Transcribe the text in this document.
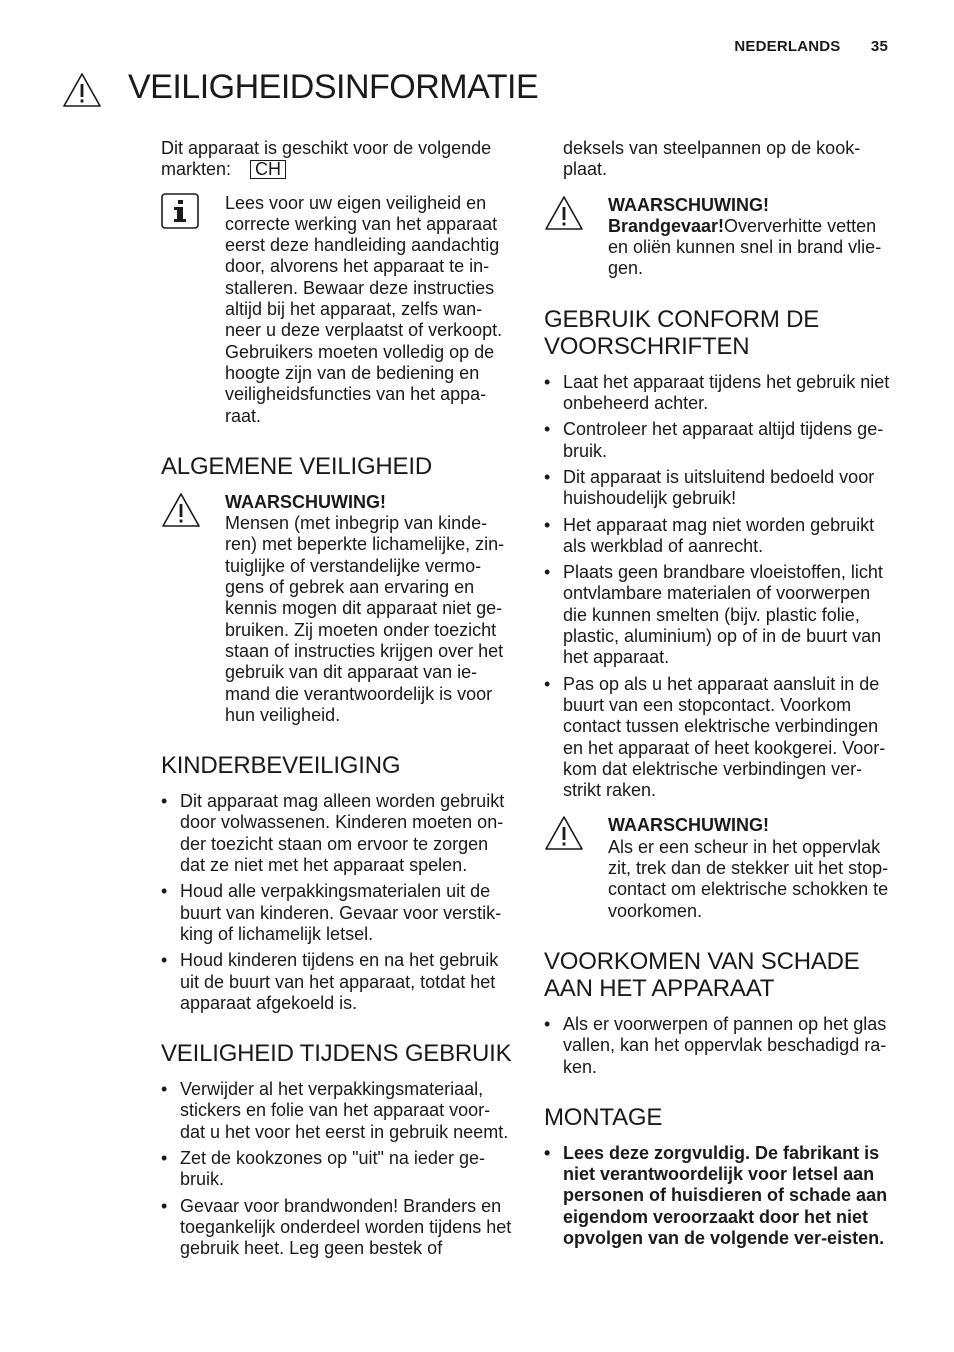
NEDERLANDS 35
VEILIGHEIDSINFORMATIE

Dit apparaat is geschikt voor de volgende markten: CH

Lees voor uw eigen veiligheid en correcte werking van het apparaat eerst deze handleiding aandachtig door, alvorens het apparaat te in-stalleren. Bewaar deze instructies altijd bij het apparaat, zelfs wan-neer u deze verplaatst of verkoopt. Gebruikers moeten volledig op de hoogte zijn van de bediening en veiligheidsfuncties van het appa-raat.

ALGEMENE VEILIGHEID

WAARSCHUWING!

Mensen (met inbegrip van kinde-ren) met beperkte lichamelijke, zin-tuiglijke of verstandelijke vermo-gens of gebrek aan ervaring en kennis mogen dit apparaat niet ge-bruiken. Zij moeten onder toezicht staan of instructies krijgen over het gebruik van dit apparaat van ie-mand die verantwoordelijk is voor hun veiligheid.

KINDERBEVEILIGING
• Dit apparaat mag alleen worden gebruikt door volwassenen. Kinderen moeten on-der toezicht staan om ervoor te zorgen dat ze niet met het apparaat spelen.
• Houd alle verpakkingsmaterialen uit de buurt van kinderen. Gevaar voor verstik-king of lichamelijk letsel.
• Houd kinderen tijdens en na het gebruik uit de buurt van het apparaat, totdat het apparaat afgekoeld is.
VEILIGHEID TIJDENS GEBRUIK
• Verwijder al het verpakkingsmateriaal, stickers en folie van het apparaat voor-dat u het voor het eerst in gebruik neemt.
• Zet de kookzones op "uit" na ieder ge-bruik.
• Gevaar voor brandwonden! Branders en toegankelijk onderdeel worden tijdens het gebruik heet. Leg geen bestek of

deksels van steelpannen op de kook-plaat.

WAARSCHUWING!

Brandgevaar!Oververhitte vetten en oliën kunnen snel in brand vlie-gen.

GEBRUIK CONFORM DE VOORSCHRIFTEN
• Laat het apparaat tijdens het gebruik niet onbeheerd achter.
• Controleer het apparaat altijd tijdens ge-bruik.
• Dit apparaat is uitsluitend bedoeld voor huishoudelijk gebruik!
• Het apparaat mag niet worden gebruikt als werkblad of aanrecht.
• Plaats geen brandbare vloeistoffen, licht ontvlambare materialen of voorwerpen die kunnen smelten (bijv. plastic folie, plastic, aluminium) op of in de buurt van het apparaat.
• Pas op als u het apparaat aansluit in de buurt van een stopcontact. Voorkom contact tussen elektrische verbindingen en het apparaat of heet kookgerei. Voor-kom dat elektrische verbindingen ver-strikt raken.

WAARSCHUWING!

Als er een scheur in het oppervlak zit, trek dan de stekker uit het stop-contact om elektrische schokken te voorkomen.

VOORKOMEN VAN SCHADE AAN HET APPARAAT
• Als er voorwerpen of pannen op het glas vallen, kan het oppervlak beschadigd ra-ken.
MONTAGE
• Lees deze zorgvuldig. De fabrikant is niet verantwoordelijk voor letsel aan personen of huisdieren of schade aan eigendom veroorzaakt door het niet opvolgen van de volgende ver-eisten.
